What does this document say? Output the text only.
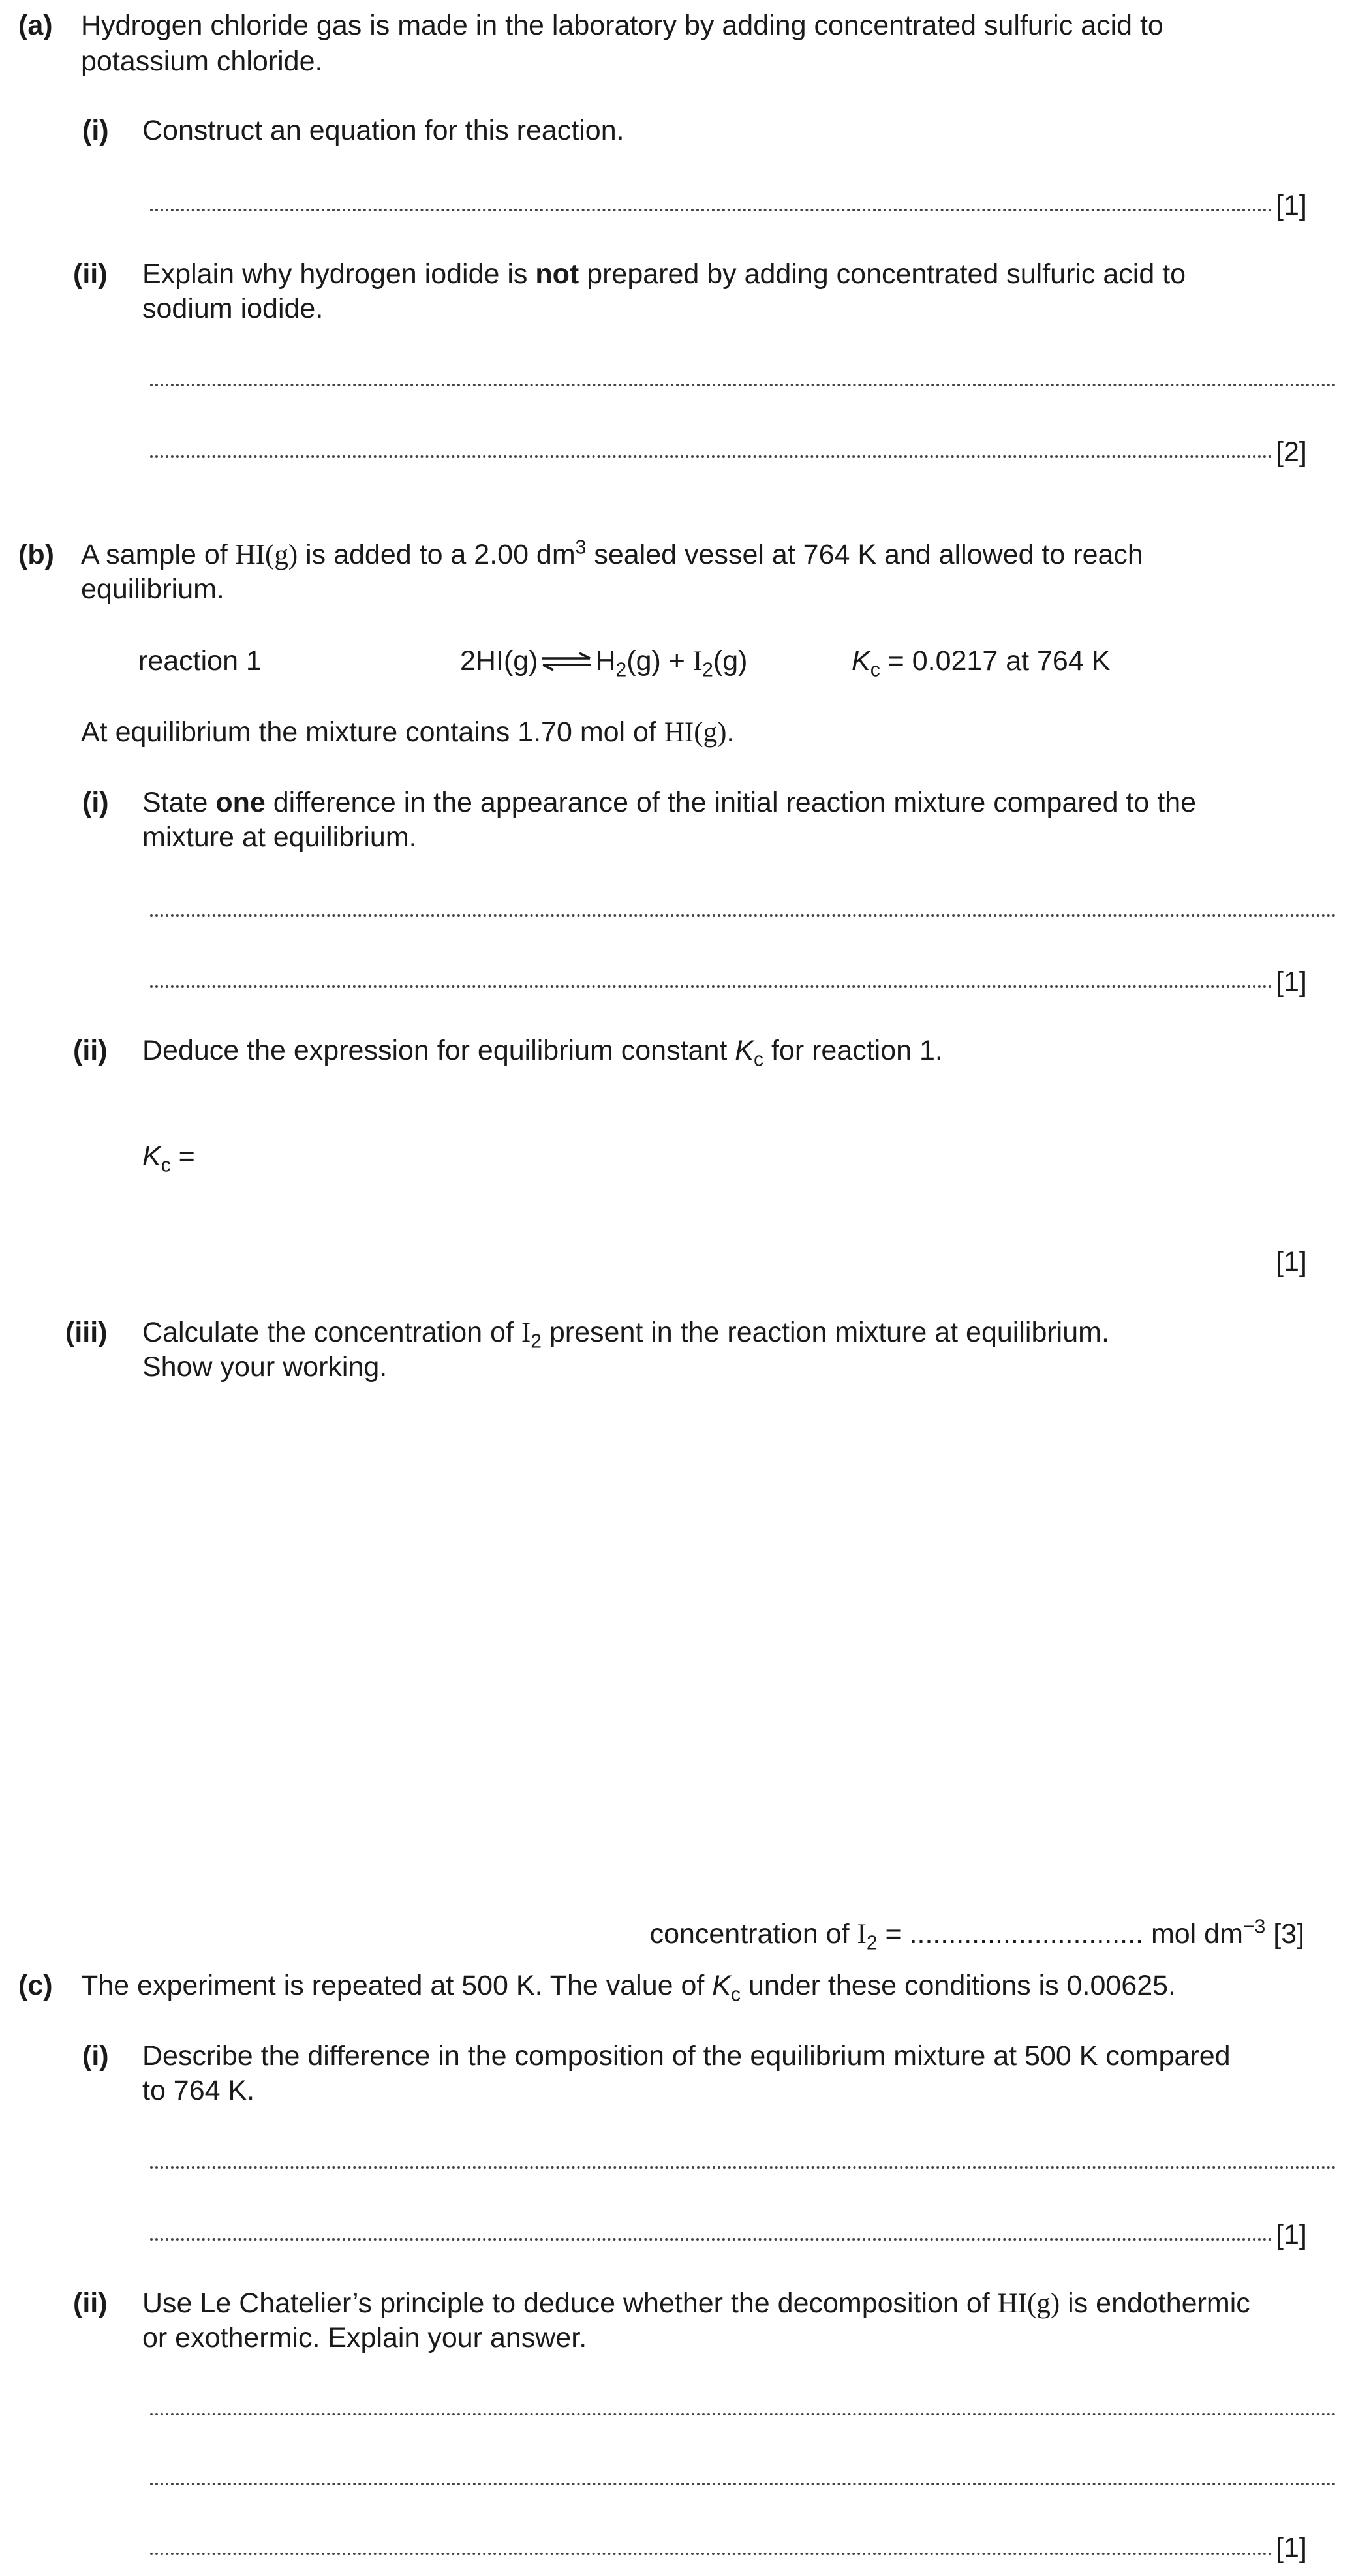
(a) Hydrogen chloride gas is made in the laboratory by adding concentrated sulfuric acid to
potassium chloride.
(i) Construct an equation for this reaction.
[1]
(ii) Explain why hydrogen iodide is not prepared by adding concentrated sulfuric acid to
sodium iodide.
[2]
(b) A sample of HI(g) is added to a 2.00 $dm^3$ sealed vessel at 764 K and allowed to reach
equilibrium.
reaction 1	2HI(g) ⇌ $H_2(g) + I_2(g)$	$K_c = 0.0217$ at 764 K
At equilibrium the mixture contains 1.70 mol of HI(g).
(i) State one difference in the appearance of the initial reaction mixture compared to the
mixture at equilibrium.
[1]
(ii) Deduce the expression for equilibrium constant $K_c$ for reaction 1.
$K_c$ =
[1]
(iii) Calculate the concentration of $I_2$ present in the reaction mixture at equilibrium.
Show your working.
concentration of $I_2$ = .............................. mol $dm^{-3}$ [3]
(c) The experiment is repeated at 500 K. The value of $K_c$ under these conditions is 0.00625.
(i) Describe the difference in the composition of the equilibrium mixture at 500 K compared
to 764 K.
[1]
(ii) Use Le Chatelier’s principle to deduce whether the decomposition of HI(g) is endothermic
or exothermic. Explain your answer.
[1]
